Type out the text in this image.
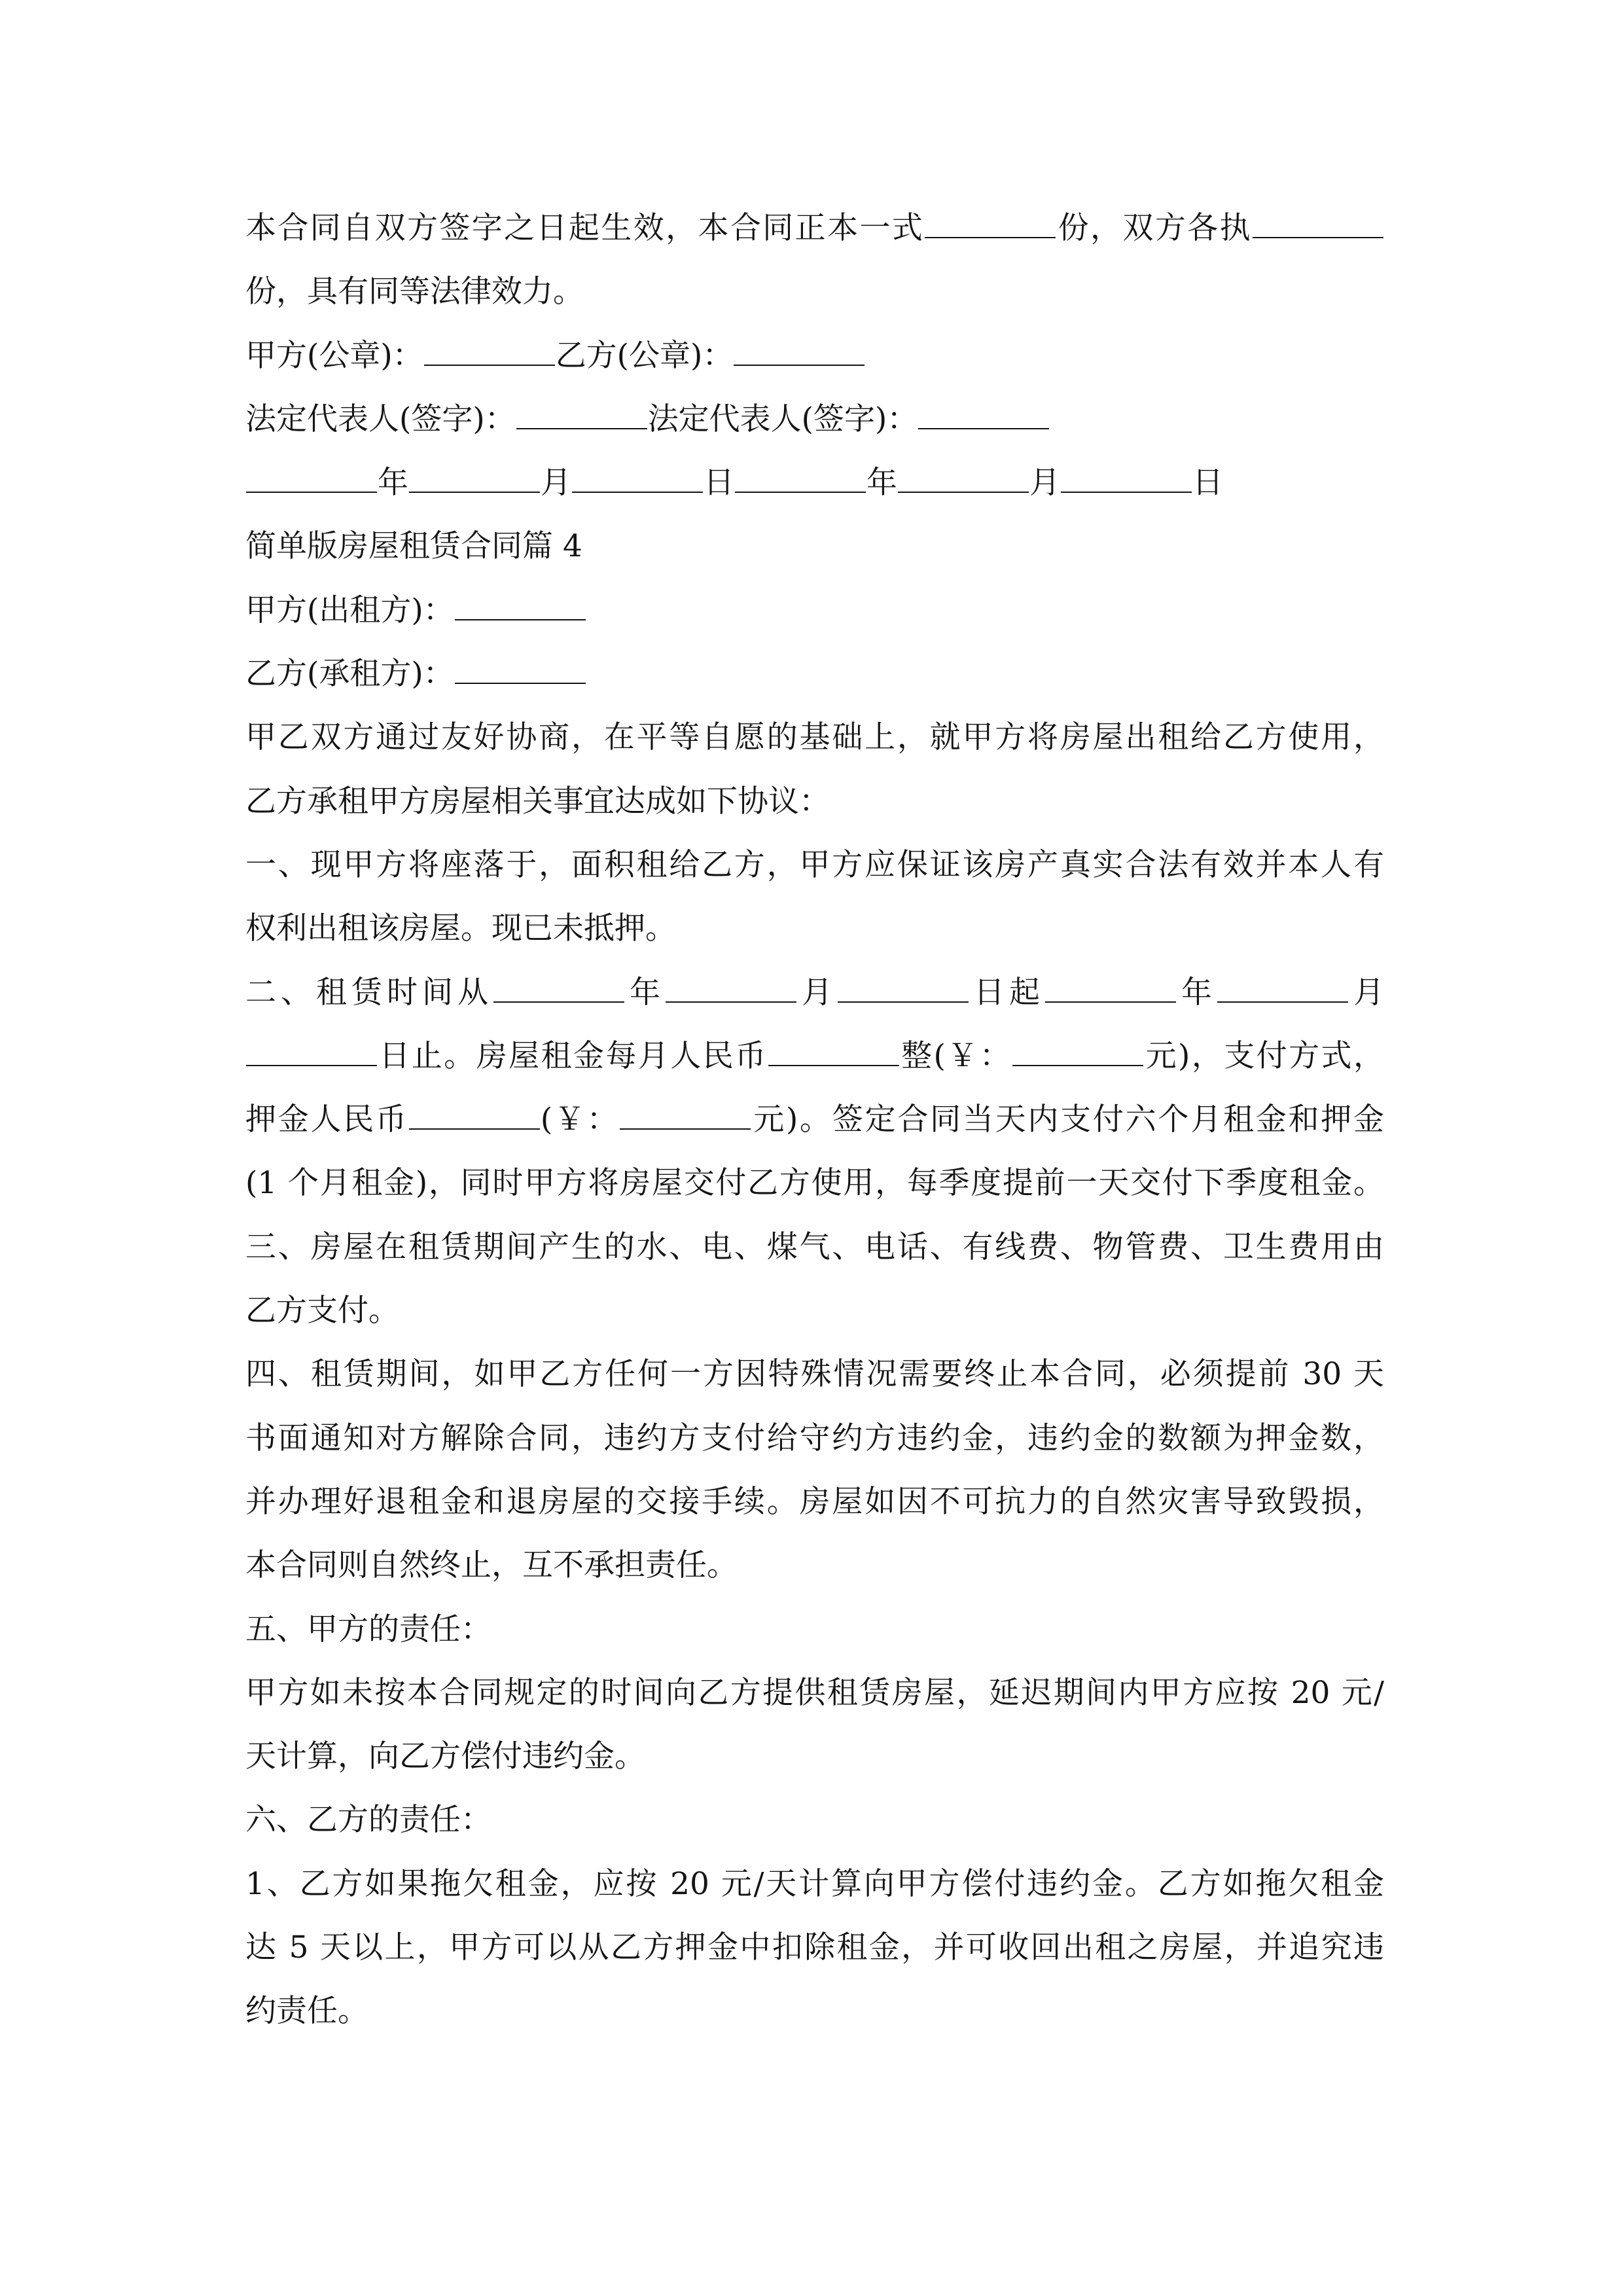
本合同自双方签字之日起生效，本合同正本一式	份，双方各执
份，具有同等法律效力。
甲方(公章)：	乙方(公章)：
法定代表人(签字)：	法定代表人(签字)：
年	月	日	年	月	日
简单版房屋租赁合同篇 4
甲方(出租方)：
乙方(承租方)：
甲乙双方通过友好协商，在平等自愿的基础上，就甲方将房屋出租给乙方使用，
乙方承租甲方房屋相关事宜达成如下协议：
一、现甲方将座落于，面积租给乙方，甲方应保证该房产真实合法有效并本人有
权利出租该房屋。现已未抵押。
二、租赁时间从	年	月	日起	年	月
日止。房屋租金每月人民币	整(￥：	元)，支付方式，
押金人民币	(￥：	元)。签定合同当天内支付六个月租金和押金
(1 个月租金)，同时甲方将房屋交付乙方使用，每季度提前一天交付下季度租金。
三、房屋在租赁期间产生的水、电、煤气、电话、有线费、物管费、卫生费用由
乙方支付。
四、租赁期间，如甲乙方任何一方因特殊情况需要终止本合同，必须提前 30 天
书面通知对方解除合同，违约方支付给守约方违约金，违约金的数额为押金数，
并办理好退租金和退房屋的交接手续。房屋如因不可抗力的自然灾害导致毁损，
本合同则自然终止，互不承担责任。
五、甲方的责任：
甲方如未按本合同规定的时间向乙方提供租赁房屋，延迟期间内甲方应按 20 元/
天计算，向乙方偿付违约金。
六、乙方的责任：
1、乙方如果拖欠租金，应按 20 元/天计算向甲方偿付违约金。乙方如拖欠租金
达 5 天以上，甲方可以从乙方押金中扣除租金，并可收回出租之房屋，并追究违
约责任。
